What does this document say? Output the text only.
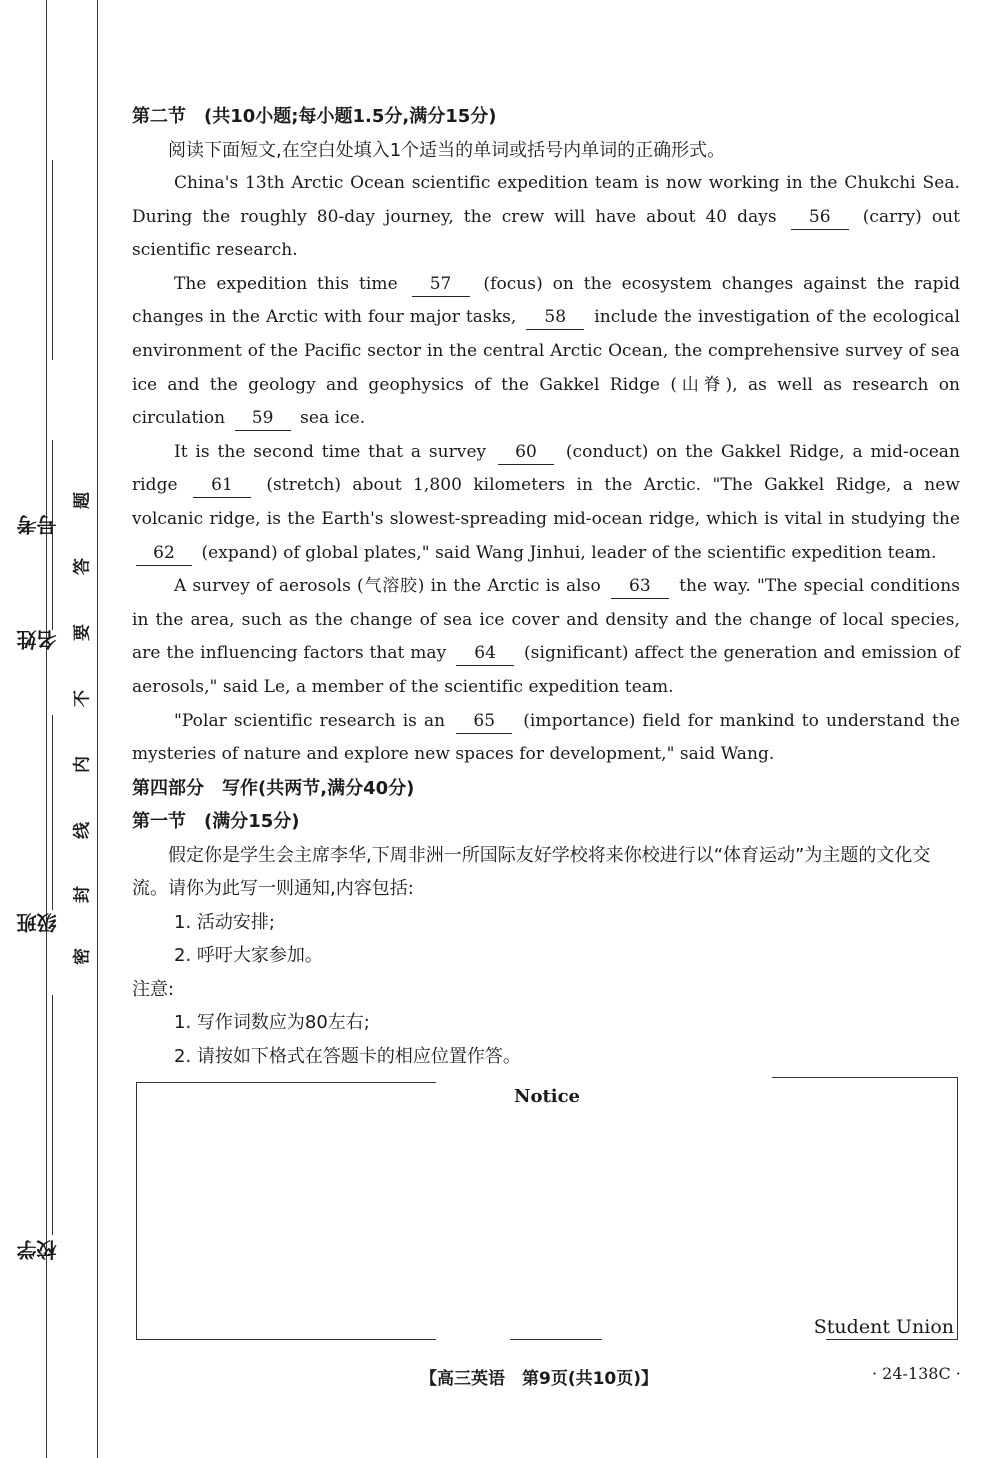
考号
姓名
班级
学校
密
封
线
内
不
要
答
题
第二节　(共10小题;每小题1.5分,满分15分)
阅读下面短文,在空白处填入1个适当的单词或括号内单词的正确形式。

China's 13th Arctic Ocean scientific expedition team is now working in the Chukchi Sea. During the roughly 80-day journey, the crew will have about 40 days 56 (carry) out scientific research.

The expedition this time 57 (focus) on the ecosystem changes against the rapid changes in the Arctic with four major tasks, 58 include the investigation of the ecological environment of the Pacific sector in the central Arctic Ocean, the comprehensive survey of sea ice and the geology and geophysics of the Gakkel Ridge (山脊), as well as research on circulation 59 sea ice.

It is the second time that a survey 60 (conduct) on the Gakkel Ridge, a mid-ocean ridge 61 (stretch) about 1,800 kilometers in the Arctic. "The Gakkel Ridge, a new volcanic ridge, is the Earth's slowest-spreading mid-ocean ridge, which is vital in studying the 62 (expand) of global plates," said Wang Jinhui, leader of the scientific expedition team.

A survey of aerosols (气溶胶) in the Arctic is also 63 the way. "The special conditions in the area, such as the change of sea ice cover and density and the change of local species, are the influencing factors that may 64 (significant) affect the generation and emission of aerosols," said Le, a member of the scientific expedition team.

"Polar scientific research is an 65 (importance) field for mankind to understand the mysteries of nature and explore new spaces for development," said Wang.

第四部分　写作(共两节,满分40分)
第一节　(满分15分)
假定你是学生会主席李华,下周非洲一所国际友好学校将来你校进行以“体育运动”为主题的文化交流。请你为此写一则通知,内容包括:
1. 活动安排;
2. 呼吁大家参加。
注意:
1. 写作词数应为80左右;
2. 请按如下格式在答题卡的相应位置作答。
Notice
Student Union
【高三英语　第9页(共10页)】	· 24-138C ·
